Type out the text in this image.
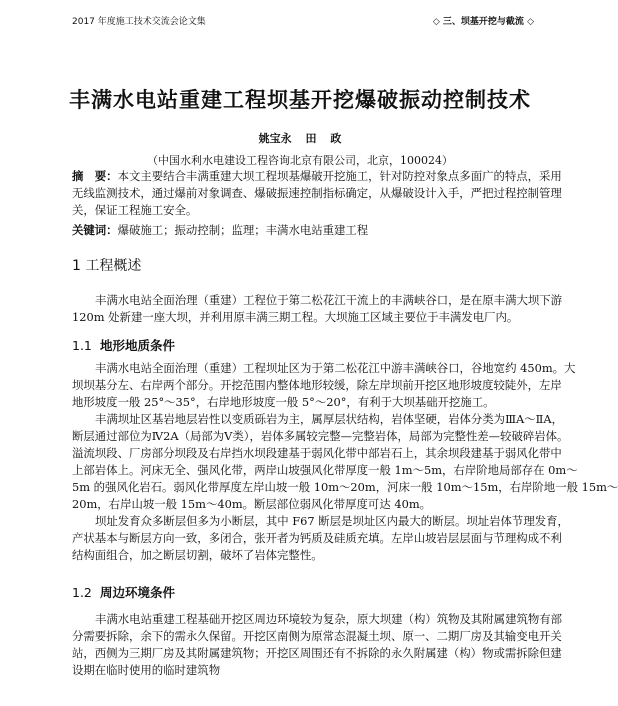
2017 年度施工技术交流会论文集	◇ 三、坝基开挖与截流 ◇
丰满水电站重建工程坝基开挖爆破振动控制技术
姚宝永 田 政
（中国水利水电建设工程咨询北京有限公司，北京，100024）
摘　要：本文主要结合丰满重建大坝工程坝基爆破开挖施工，针对防控对象点多面广的特点，采用
无线监测技术，通过爆前对象调查、爆破振速控制指标确定，从爆破设计入手，严把过程控制管理
关，保证工程施工安全。
关键词：爆破施工；振动控制；监理；丰满水电站重建工程
1 工程概述
丰满水电站全面治理（重建）工程位于第二松花江干流上的丰满峡谷口，是在原丰满大坝下游
120m 处新建一座大坝，并利用原丰满三期工程。大坝施工区域主要位于丰满发电厂内。
1.1 地形地质条件
丰满水电站全面治理（重建）工程坝址区为于第二松花江中游丰满峡谷口，谷地宽约 450m。大
坝坝基分左、右岸两个部分。开挖范围内整体地形较缓，除左岸坝前开挖区地形坡度较陡外，左岸
地形坡度一般 25°～35°，右岸地形坡度一般 5°～20°，有利于大坝基础开挖施工。
丰满坝址区基岩地层岩性以变质砾岩为主，属厚层状结构，岩体坚硬，岩体分类为ⅢA～ⅡA，
断层通过部位为Ⅳ2A（局部为Ⅴ类），岩体多属较完整—完整岩体，局部为完整性差—较破碎岩体。
溢流坝段、厂房部分坝段及右岸挡水坝段建基于弱风化带中部岩石上，其余坝段建基于弱风化带中
上部岩体上。河床无全、强风化带，两岸山坡强风化带厚度一般 1m～5m，右岸阶地局部存在 0m～
5m 的强风化岩石。弱风化带厚度左岸山坡一般 10m～20m，河床一般 10m～15m，右岸阶地一般 15m～
20m，右岸山坡一般 15m～40m。断层部位弱风化带厚度可达 40m。
坝址发育众多断层但多为小断层，其中 F67 断层是坝址区内最大的断层。坝址岩体节理发育，
产状基本与断层方向一致，多闭合，张开者为钙质及硅质充填。左岸山坡岩层层面与节理构成不利
结构面组合，加之断层切割，破坏了岩体完整性。
1.2 周边环境条件
丰满水电站重建工程基础开挖区周边环境较为复杂，原大坝建（构）筑物及其附属建筑物有部
分需要拆除，余下的需永久保留。开挖区南侧为原常态混凝土坝、原一、二期厂房及其输变电开关
站，西侧为三期厂房及其附属建筑物；开挖区周围还有不拆除的永久附属建（构）物或需拆除但建
设期在临时使用的临时建筑物
